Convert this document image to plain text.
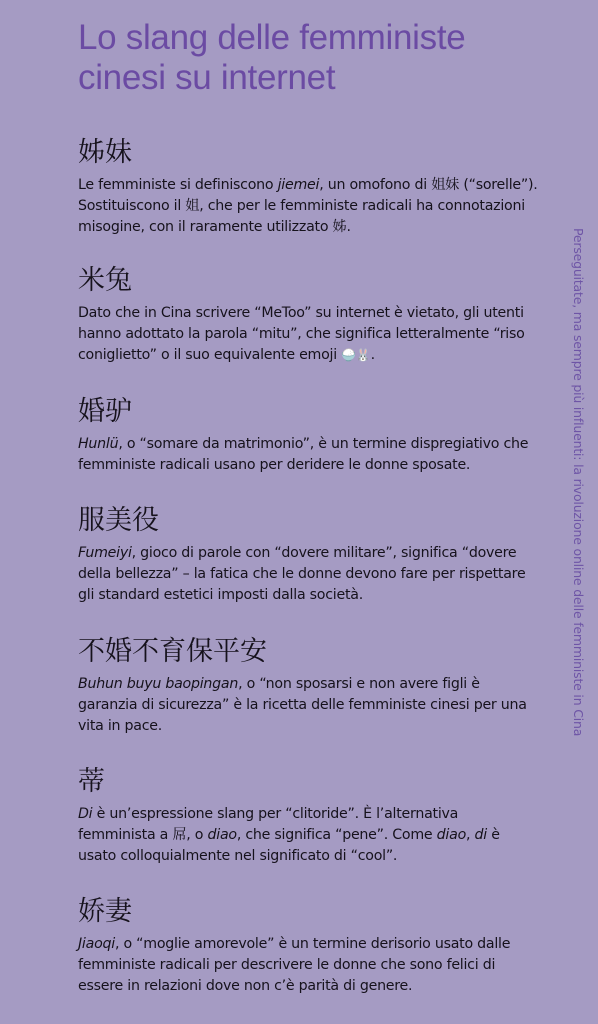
Lo slang delle femministe
cinesi su internet
姊妹

Le femministe si definiscono jiemei, un omofono di 姐妹 (“sorelle”). Sostituiscono il 姐, che per le femministe radicali ha connotazioni misogine, con il raramente utilizzato 姊.

米兔

Dato che in Cina scrivere “MeToo” su internet è vietato, gli utenti hanno adottato la parola “mitu”, che significa letteralmente “riso coniglietto” o il suo equivalente emoji 🍚🐰.

婚驴

Hunlü, o “somare da matrimonio”, è un termine dispregiativo che femministe radicali usano per deridere le donne sposate.

服美役

Fumeiyi, gioco di parole con “dovere militare”, significa “dovere della bellezza” – la fatica che le donne devono fare per rispettare gli standard estetici imposti dalla società.

不婚不育保平安

Buhun buyu baopingan, o “non sposarsi e non avere figli è garanzia di sicurezza” è la ricetta delle femministe cinesi per una vita in pace.

蒂

Di è un’espressione slang per “clitoride”. È l’alternativa femminista a 屌, o diao, che significa “pene”. Come diao, di è usato colloquialmente nel significato di “cool”.

娇妻

Jiaoqi, o “moglie amorevole” è un termine derisorio usato dalle femministe radicali per descrivere le donne che sono felici di essere in relazioni dove non c’è parità di genere.

Perseguitate, ma sempre più influenti: la rivoluzione online delle femministe in Cina
